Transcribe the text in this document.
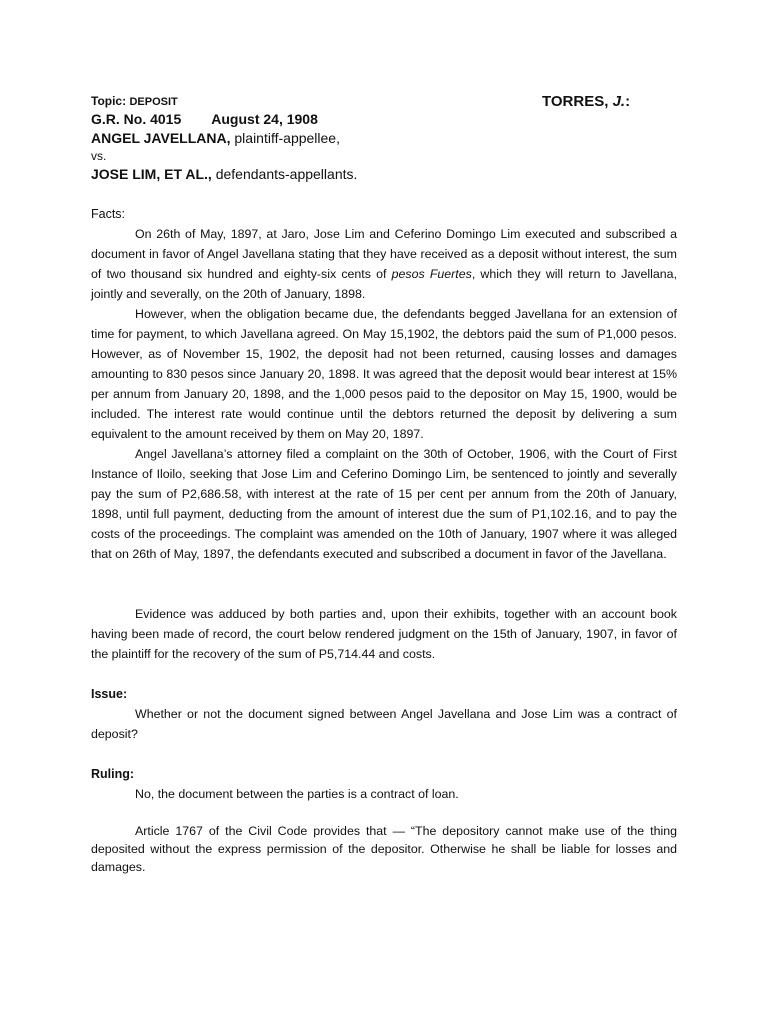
Topic: DEPOSIT	TORRES, J.:
G.R. No. 4015 August 24, 1908
ANGEL JAVELLANA, plaintiff-appellee,
vs.
JOSE LIM, ET AL., defendants-appellants.
Facts:
On 26th of May, 1897, at Jaro, Jose Lim and Ceferino Domingo Lim executed and subscribed a document in favor of Angel Javellana stating that they have received as a deposit without interest, the sum of two thousand six hundred and eighty-six cents of pesos Fuertes, which they will return to Javellana, jointly and severally, on the 20th of January, 1898.
However, when the obligation became due, the defendants begged Javellana for an extension of time for payment, to which Javellana agreed. On May 15,1902, the debtors paid the sum of P1,000 pesos. However, as of November 15, 1902, the deposit had not been returned, causing losses and damages amounting to 830 pesos since January 20, 1898. It was agreed that the deposit would bear interest at 15% per annum from January 20, 1898, and the 1,000 pesos paid to the depositor on May 15, 1900, would be included. The interest rate would continue until the debtors returned the deposit by delivering a sum equivalent to the amount received by them on May 20, 1897.
Angel Javellana’s attorney filed a complaint on the 30th of October, 1906, with the Court of First Instance of Iloilo, seeking that Jose Lim and Ceferino Domingo Lim, be sentenced to jointly and severally pay the sum of P2,686.58, with interest at the rate of 15 per cent per annum from the 20th of January, 1898, until full payment, deducting from the amount of interest due the sum of P1,102.16, and to pay the costs of the proceedings. The complaint was amended on the 10th of January, 1907 where it was alleged that on 26th of May, 1897, the defendants executed and subscribed a document in favor of the Javellana.
Evidence was adduced by both parties and, upon their exhibits, together with an account book having been made of record, the court below rendered judgment on the 15th of January, 1907, in favor of the plaintiff for the recovery of the sum of P5,714.44 and costs.
Issue:
Whether or not the document signed between Angel Javellana and Jose Lim was a contract of deposit?
Ruling:
No, the document between the parties is a contract of loan.
Article 1767 of the Civil Code provides that — “The depository cannot make use of the thing deposited without the express permission of the depositor. Otherwise he shall be liable for losses and damages.
